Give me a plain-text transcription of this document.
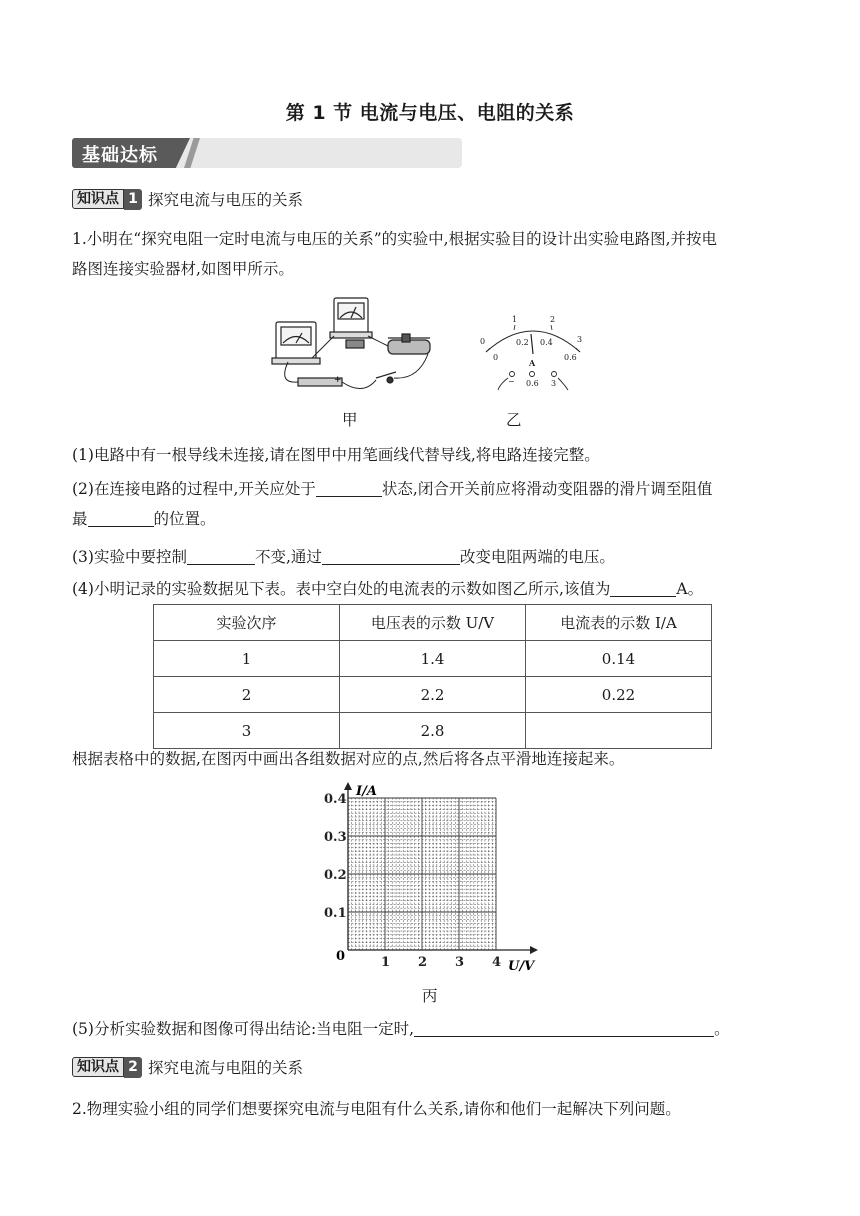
第 1 节 电流与电压、电阻的关系
基础达标
知识点 1 探究电流与电压的关系
1.小明在“探究电阻一定时电流与电压的关系”的实验中,根据实验目的设计出实验电路图,并按电
路图连接实验器材,如图甲所示。
+
0
1	2
3
0
0.2 0.4
0.6
A
− 0.6 3
甲	乙
(1)电路中有一根导线未连接,请在图甲中用笔画线代替导线,将电路连接完整。
(2)在连接电路的过程中,开关应处于	状态,闭合开关前应将滑动变阻器的滑片调至阻值
最	的位置。
(3)实验中要控制	不变,通过	改变电阻两端的电压。
(4)小明记录的实验数据见下表。表中空白处的电流表的示数如图乙所示,该值为	A。
实验次序	电压表的示数 U/V	电流表的示数 I/A
1	1.4	0.14
2	2.2	0.22
3	2.8	
根据表格中的数据,在图丙中画出各组数据对应的点,然后将各点平滑地连接起来。
1 2 3 4
0.1
0.2
0.3
0.4
I/A
U/V
0
丙
(5)分析实验数据和图像可得出结论:当电阻一定时,	。
知识点 2 探究电流与电阻的关系
2.物理实验小组的同学们想要探究电流与电阻有什么关系,请你和他们一起解决下列问题。
